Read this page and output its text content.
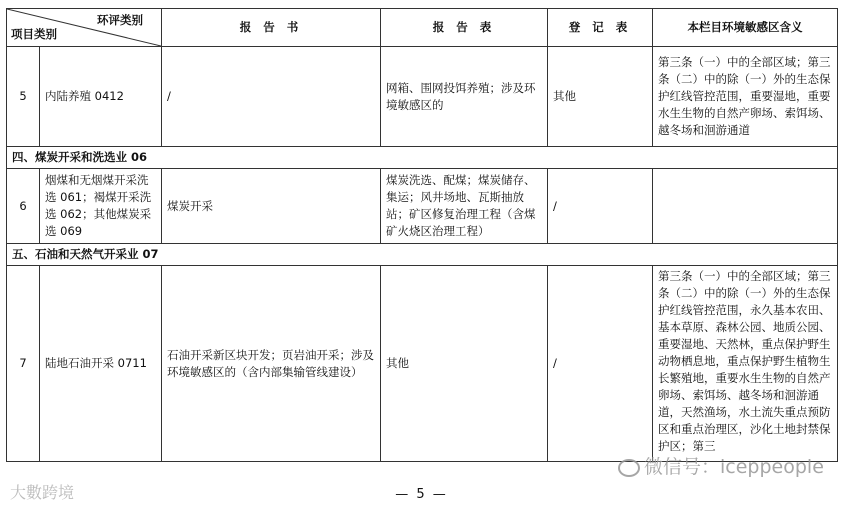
环评类别
项目类别		报 告 书	报 告 表	登 记 表	本栏目环境敏感区含义
5	内陆养殖 0412	/	网箱、围网投饵养殖；涉及环境敏感区的	其他	第三条（一）中的全部区域；第三条（二）中的除（一）外的生态保护红线管控范围，重要湿地，重要水生生物的自然产卵场、索饵场、越冬场和洄游通道
四、煤炭开采和洗选业 06					
6	烟煤和无烟煤开采洗选 061；褐煤开采洗选 062；其他煤炭采选 069	煤炭开采	煤炭洗选、配煤；煤炭储存、集运；风井场地、瓦斯抽放站；矿区修复治理工程（含煤矿火烧区治理工程）	/	
五、石油和天然气开采业 07					
7	陆地石油开采 0711	石油开采新区块开发；页岩油开采；涉及环境敏感区的（含内部集输管线建设）	其他	/	第三条（一）中的全部区域；第三条（二）中的除（一）外的生态保护红线管控范围，永久基本农田、基本草原、森林公园、地质公园、重要湿地、天然林，重点保护野生动物栖息地，重点保护野生植物生长繁殖地，重要水生生物的自然产卵场、索饵场、越冬场和洄游通道，天然渔场，水土流失重点预防区和重点治理区，沙化土地封禁保护区；第三
大數跨境
微信号：iceppeople
— 5 —
